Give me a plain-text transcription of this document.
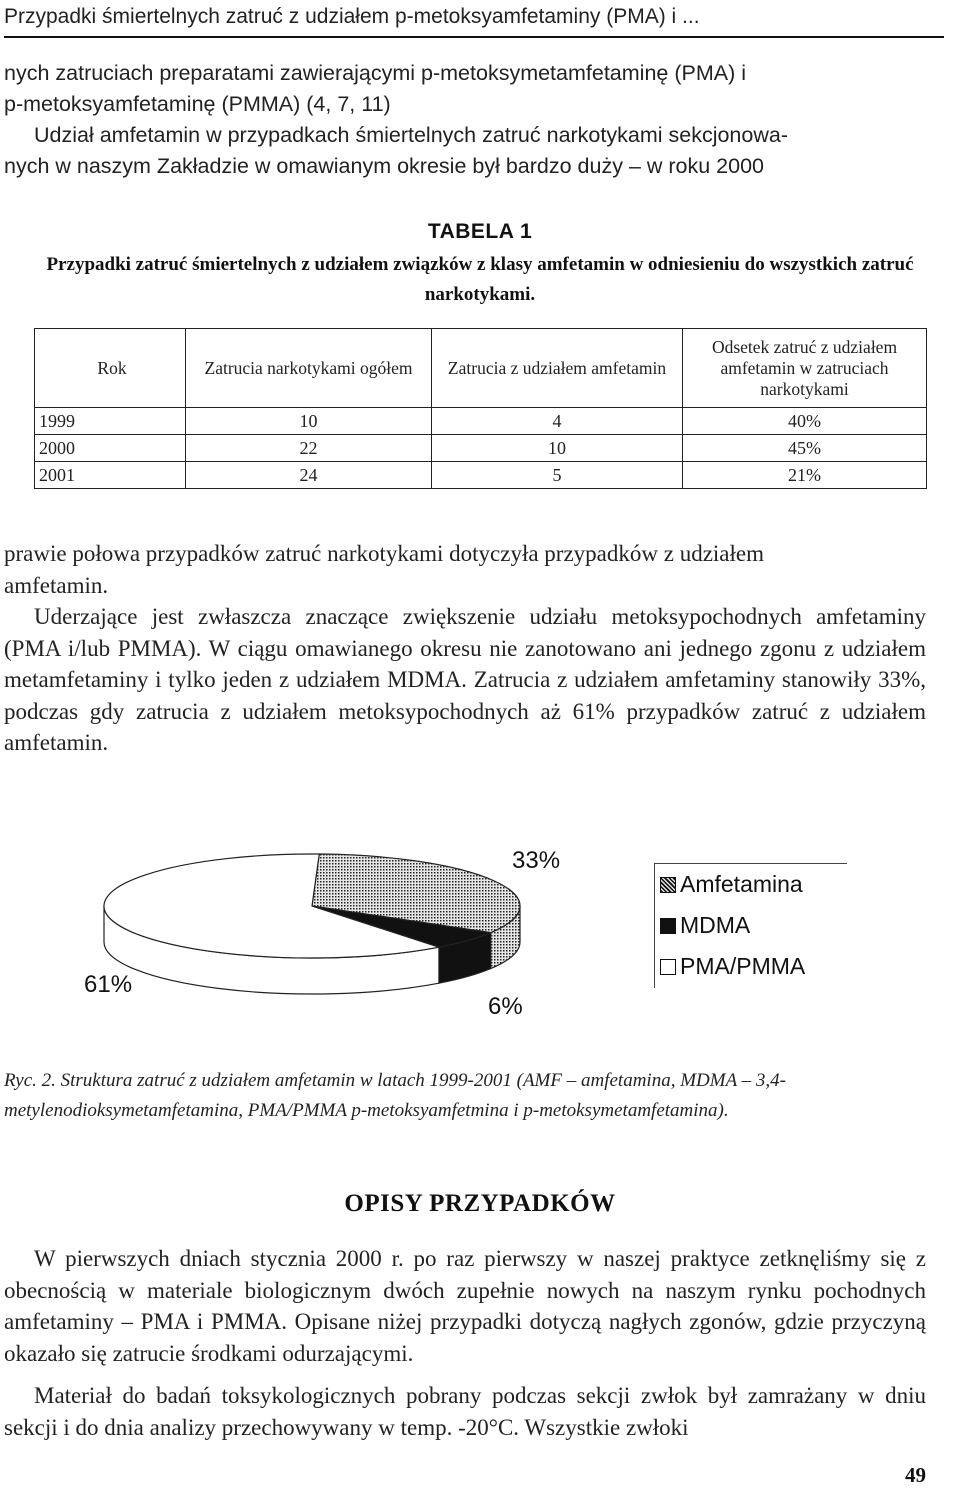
Przypadki śmiertelnych zatruć z udziałem p-metoksyamfetaminy (PMA) i ...

nych zatruciach preparatami zawierającymi p-metoksymetamfetaminę (PMA) i

p-metoksyamfetaminę (PMMA) (4, 7, 11)

Udział amfetamin w przypadkach śmiertelnych zatruć narkotykami sekcjonowa-

nych w naszym Zakładzie w omawianym okresie był bardzo duży – w roku 2000

TABELA 1
Przypadki zatruć śmiertelnych z udziałem związków z klasy amfetamin w odniesieniu do wszystkich zatruć narkotykami.
Rok	Zatrucia narkotykami ogółem	Zatrucia z udziałem amfetamin	Odsetek zatruć z udziałem amfetamin w zatruciach narkotykami
1999	10	4	40%
2000	22	10	45%
2001	24	5	21%

prawie połowa przypadków zatruć narkotykami dotyczyła przypadków z udziałem

amfetamin.

Uderzające jest zwłaszcza znaczące zwiększenie udziału metoksypochodnych amfetaminy (PMA i/lub PMMA). W ciągu omawianego okresu nie zanotowano ani jednego zgonu z udziałem metamfetaminy i tylko jeden z udziałem MDMA. Zatrucia z udziałem amfetaminy stanowiły 33%, podczas gdy zatrucia z udziałem metoksypochodnych aż 61% przypadków zatruć z udziałem amfetamin.

33%
6%
61%
Amfetamina
MDMA
PMA/PMMA
Ryc. 2. Struktura zatruć z udziałem amfetamin w latach 1999-2001 (AMF – amfetamina, MDMA – 3,4-metylenodioksymetamfetamina, PMA/PMMA p-metoksyamfetmina i p-metoksymetamfetamina).
OPISY PRZYPADKÓW

W pierwszych dniach stycznia 2000 r. po raz pierwszy w naszej praktyce zetknęliśmy się z obecnością w materiale biologicznym dwóch zupełnie nowych na naszym rynku pochodnych amfetaminy – PMA i PMMA. Opisane niżej przypadki dotyczą nagłych zgonów, gdzie przyczyną okazało się zatrucie środkami odurzającymi.

Materiał do badań toksykologicznych pobrany podczas sekcji zwłok był zamrażany w dniu sekcji i do dnia analizy przechowywany w temp. -20°C. Wszystkie zwłoki

49
